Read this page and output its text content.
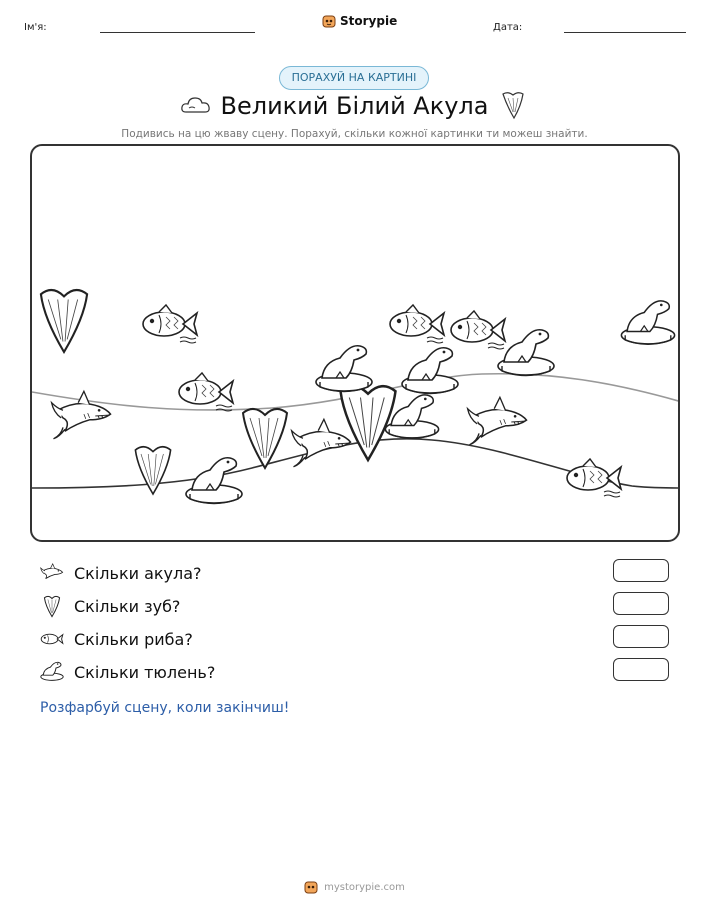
Ім'я:	Storypie	Дата:
ПОРАХУЙ НА КАРТИНІ
Великий Білий Акула
Подивись на цю жваву сцену. Порахуй, скільки кожної картинки ти можеш знайти.
Скільки акула?
Скільки зуб?
Скільки риба?
Скільки тюлень?
Розфарбуй сцену, коли закінчиш!
mystorypie.com
